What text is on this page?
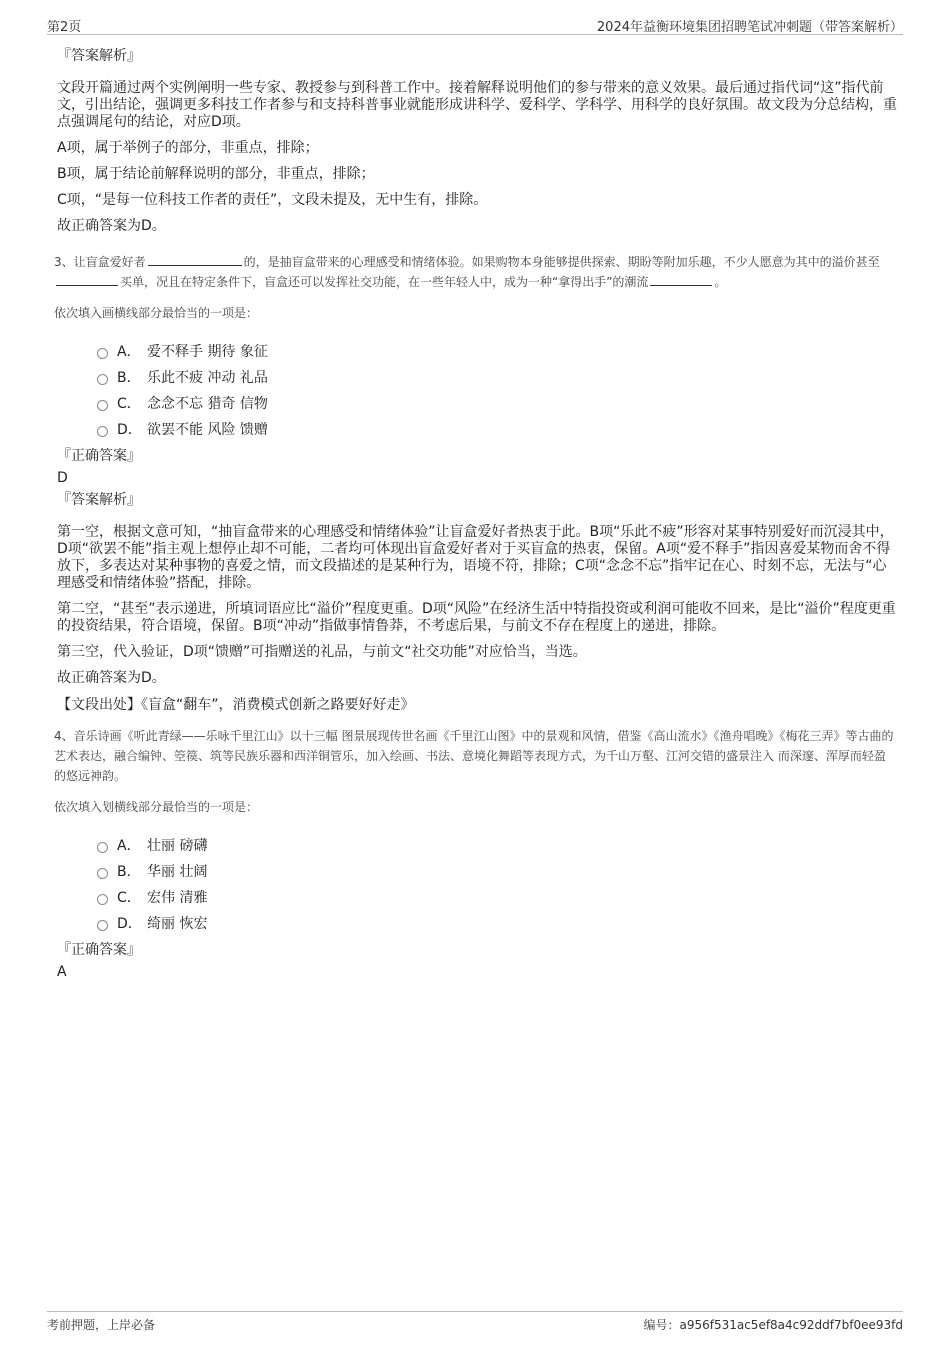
第2页	2024年益衡环境集团招聘笔试冲刺题（带答案解析）
『答案解析』

文段开篇通过两个实例阐明一些专家、教授参与到科普工作中。接着解释说明他们的参与带来的意义效果。最后通过指代词“这”指代前文，引出结论，强调更多科技工作者参与和支持科普事业就能形成讲科学、爱科学、学科学、用科学的良好氛围。故文段为分总结构，重点强调尾句的结论，对应D项。

A项，属于举例子的部分，非重点，排除；

B项，属于结论前解释说明的部分，非重点，排除；

C项，“是每一位科技工作者的责任”，文段未提及，无中生有，排除。

故正确答案为D。

3、让盲盒爱好者	的，是抽盲盒带来的心理感受和情绪体验。如果购物本身能够提供探索、期盼等附加乐趣，不少人愿意为其中的溢价甚至买单，况且在特定条件下，盲盒还可以发挥社交功能，在一些年轻人中，成为一种“拿得出手”的潮流	。
依次填入画横线部分最恰当的一项是：
A． 爱不释手 期待 象征
B． 乐此不疲 冲动 礼品
C． 念念不忘 猎奇 信物
D． 欲罢不能 风险 馈赠
『正确答案』
D
『答案解析』

第一空，根据文意可知，“抽盲盒带来的心理感受和情绪体验”让盲盒爱好者热衷于此。B项“乐此不疲”形容对某事特别爱好而沉浸其中，D项“欲罢不能”指主观上想停止却不可能，二者均可体现出盲盒爱好者对于买盲盒的热衷，保留。A项“爱不释手”指因喜爱某物而舍不得放下，多表达对某种事物的喜爱之情，而文段描述的是某种行为，语境不符，排除；C项“念念不忘”指牢记在心、时刻不忘，无法与“心理感受和情绪体验”搭配，排除。

第二空，“甚至”表示递进，所填词语应比“溢价”程度更重。D项“风险”在经济生活中特指投资或利润可能收不回来，是比“溢价”程度更重的投资结果，符合语境，保留。B项“冲动”指做事情鲁莽，不考虑后果，与前文不存在程度上的递进，排除。

第三空，代入验证，D项“馈赠”可指赠送的礼品，与前文“社交功能”对应恰当，当选。

故正确答案为D。

【文段出处】《盲盒“翻车”，消费模式创新之路要好好走》
4、音乐诗画《听此青绿——乐咏千里江山》以十三幅 图景展现传世名画《千里江山图》中的景观和风情，借鉴《高山流水》《渔舟唱晚》《梅花三弄》等古曲的艺术表达，融合编钟、箜篌、筑等民族乐器和西洋铜管乐，加入绘画、书法、意境化舞蹈等表现方式，为千山万壑、江河交错的盛景注入 而深邃、浑厚而轻盈的悠远神韵。
依次填入划横线部分最恰当的一项是：
A． 壮丽 磅礴
B． 华丽 壮阔
C． 宏伟 清雅
D． 绮丽 恢宏
『正确答案』
A
考前押题，上岸必备	编号：a956f531ac5ef8a4c92ddf7bf0ee93fd
